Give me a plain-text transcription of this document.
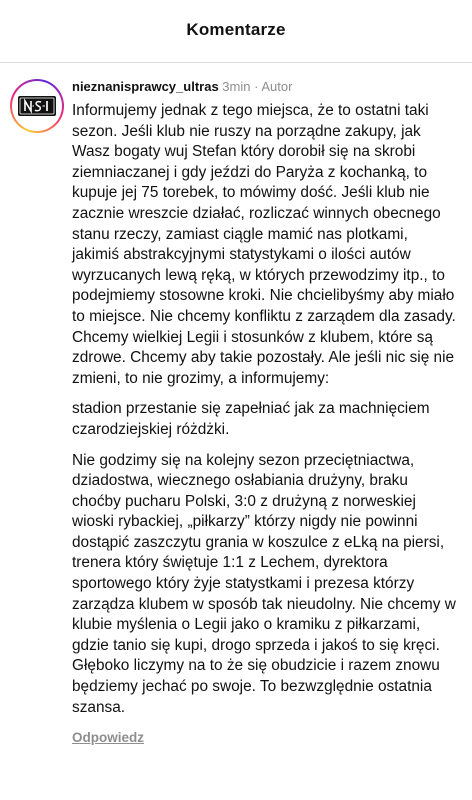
Komentarze
nieznanisprawcy_ultras 3min · Autor

Informujemy jednak z tego miejsca, że to ostatni taki sezon. Jeśli klub nie ruszy na porządne zakupy, jak Wasz bogaty wuj Stefan który dorobił się na skrobi ziemniaczanej i gdy jeździ do Paryża z kochanką, to kupuje jej 75 torebek, to mówimy dość. Jeśli klub nie zacznie wreszcie działać, rozliczać winnych obecnego stanu rzeczy, zamiast ciągle mamić nas plotkami, jakimiś abstrakcyjnymi statystykami o ilości autów wyrzucanych lewą ręką, w których przewodzimy itp., to podejmiemy stosowne kroki. Nie chcielibyśmy aby miało to miejsce. Nie chcemy konfliktu z zarządem dla zasady. Chcemy wielkiej Legii i stosunków z klubem, które są zdrowe. Chcemy aby takie pozostały. Ale jeśli nic się nie zmieni, to nie grozimy, a informujemy:

stadion przestanie się zapełniać jak za machnięciem czarodziejskiej różdżki.

Nie godzimy się na kolejny sezon przeciętniactwa, dziadostwa, wiecznego osłabiania drużyny, braku choćby pucharu Polski, 3:0 z drużyną z norweskiej wioski rybackiej, „piłkarzy” którzy nigdy nie powinni dostąpić zaszczytu grania w koszulce z eLką na piersi, trenera który świętuje 1:1 z Lechem, dyrektora sportowego który żyje statystkami i prezesa którzy zarządza klubem w sposób tak nieudolny. Nie chcemy w klubie myślenia o Legii jako o kramiku z piłkarzami, gdzie tanio się kupi, drogo sprzeda i jakoś to się kręci. Głęboko liczymy na to że się obudzicie i razem znowu będziemy jechać po swoje. To bezwzględnie ostatnia szansa.

Odpowiedz
